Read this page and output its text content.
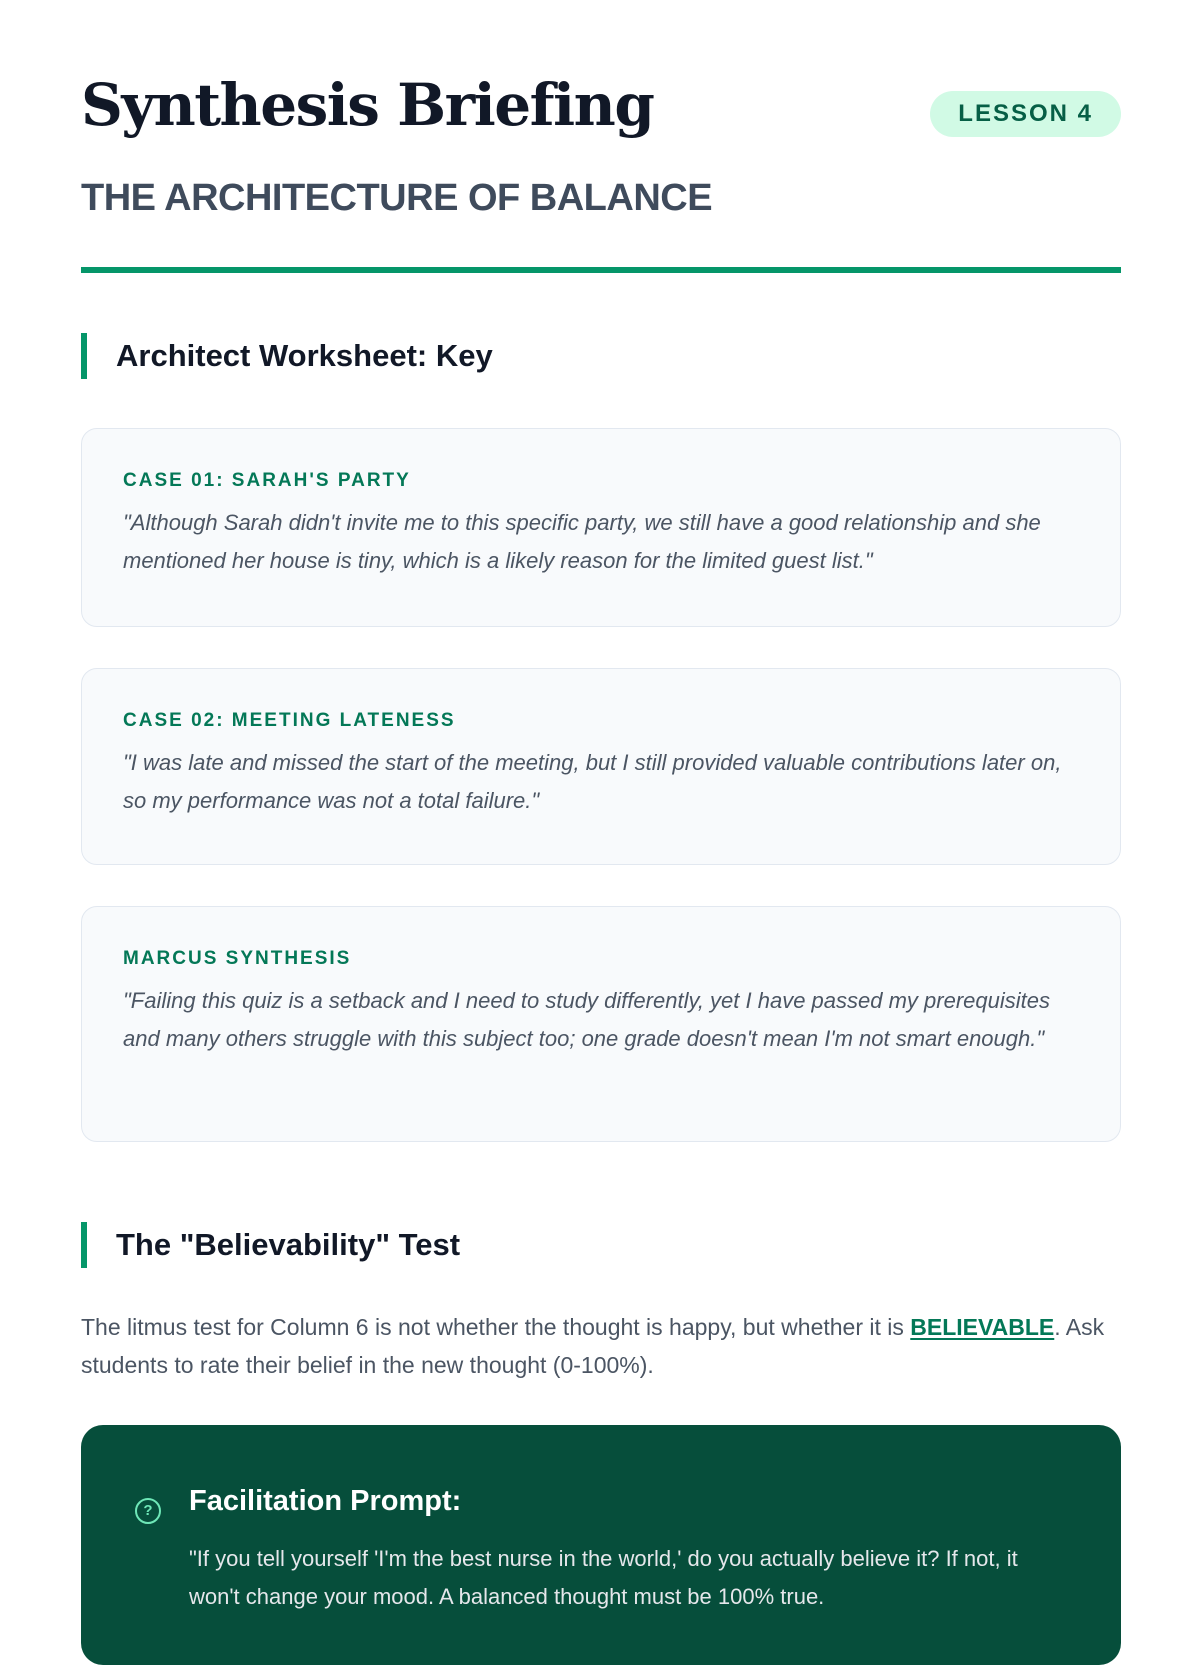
Synthesis Briefing	LESSON 4
THE ARCHITECTURE OF BALANCE
Architect Worksheet: Key

CASE 01: SARAH'S PARTY

"Although Sarah didn't invite me to this specific party, we still have a good relationship and she mentioned her house is tiny, which is a likely reason for the limited guest list."

CASE 02: MEETING LATENESS

"I was late and missed the start of the meeting, but I still provided valuable contributions later on, so my performance was not a total failure."

MARCUS SYNTHESIS

"Failing this quiz is a setback and I need to study differently, yet I have passed my prerequisites and many others struggle with this subject too; one grade doesn't mean I'm not smart enough."

The "Believability" Test

The litmus test for Column 6 is not whether the thought is happy, but whether it is BELIEVABLE. Ask students to rate their belief in the new thought (0-100%).

? Facilitation Prompt:

"If you tell yourself 'I'm the best nurse in the world,' do you actually believe it? If not, it won't change your mood. A balanced thought must be 100% true.
